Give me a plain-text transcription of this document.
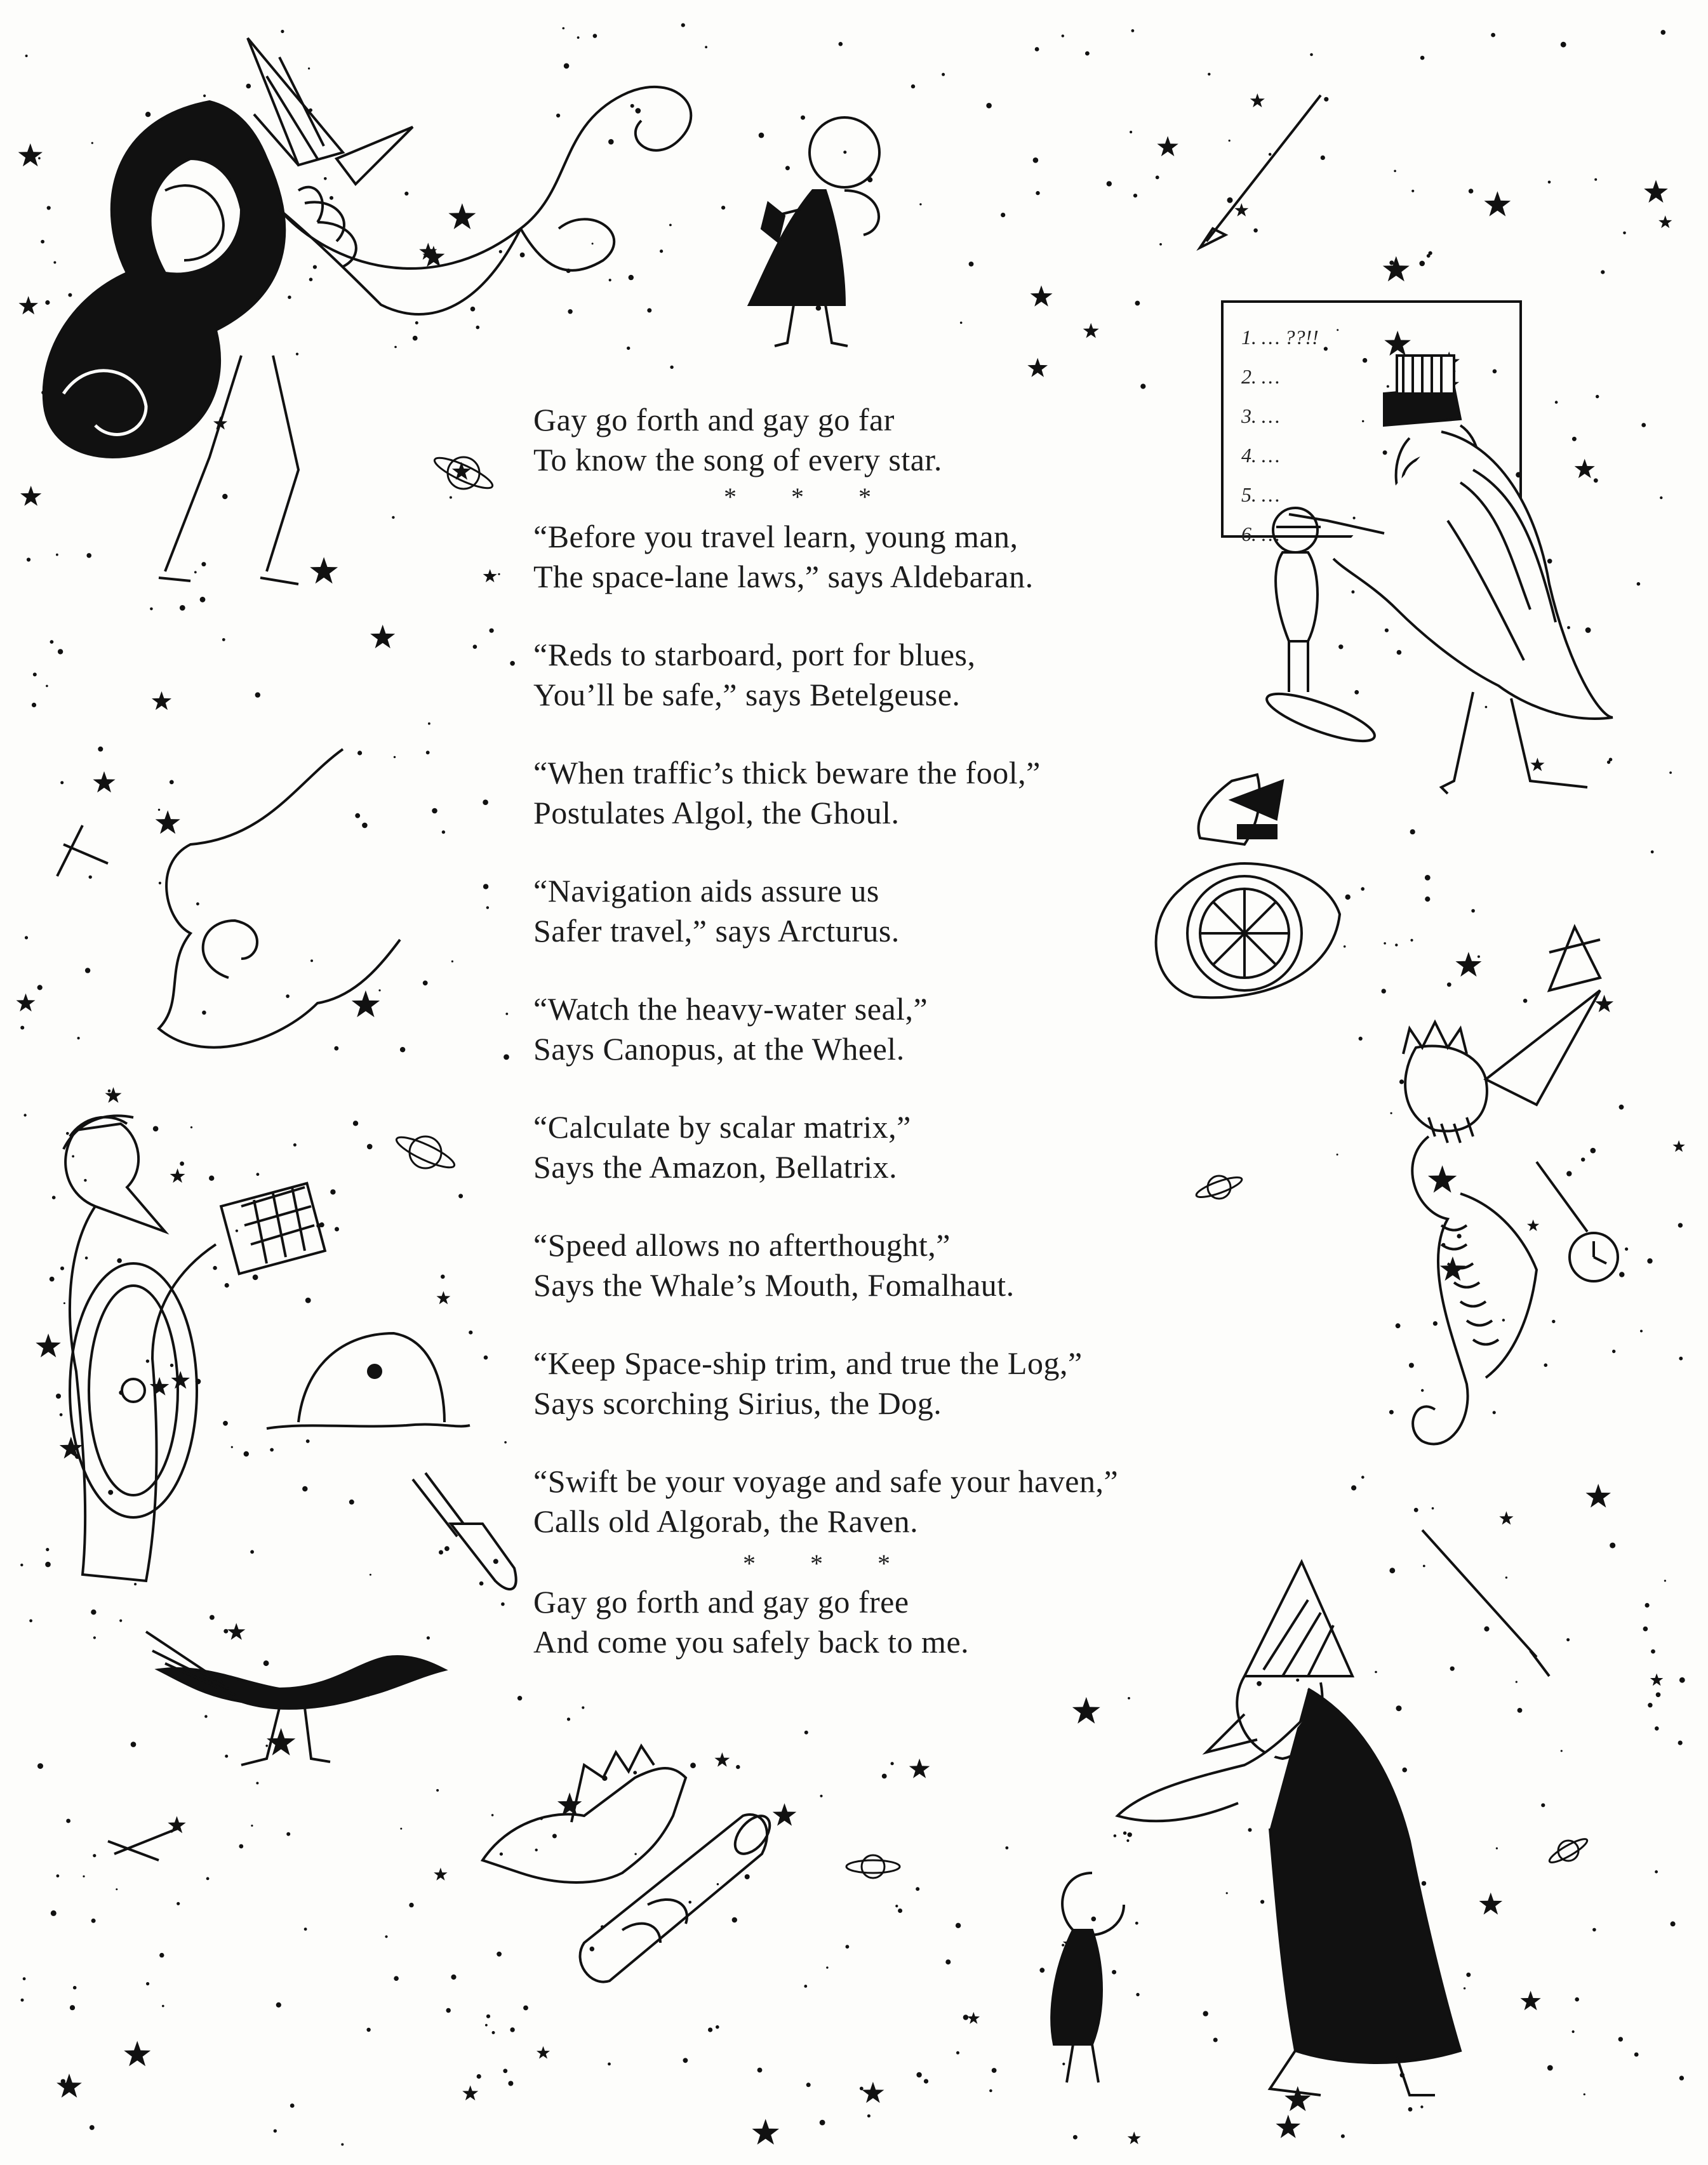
1. … ??!!
2. …
3. …
4. …
5. …
6. …
Gay go forth and gay go far
To know the song of every star.
* * *
“Before you travel learn, young man,
The space-lane laws,” says Aldebaran.
“Reds to starboard, port for blues,
You’ll be safe,” says Betelgeuse.
“When traffic’s thick beware the fool,”
Postulates Algol, the Ghoul.
“Navigation aids assure us
Safer travel,” says Arcturus.
“Watch the heavy-water seal,”
Says Canopus, at the Wheel.
“Calculate by scalar matrix,”
Says the Amazon, Bellatrix.
“Speed allows no afterthought,”
Says the Whale’s Mouth, Fomalhaut.
“Keep Space-ship trim, and true the Log,”
Says scorching Sirius, the Dog.
“Swift be your voyage and safe your haven,”
Calls old Algorab, the Raven.
* * *
Gay go forth and gay go free
And come you safely back to me.
